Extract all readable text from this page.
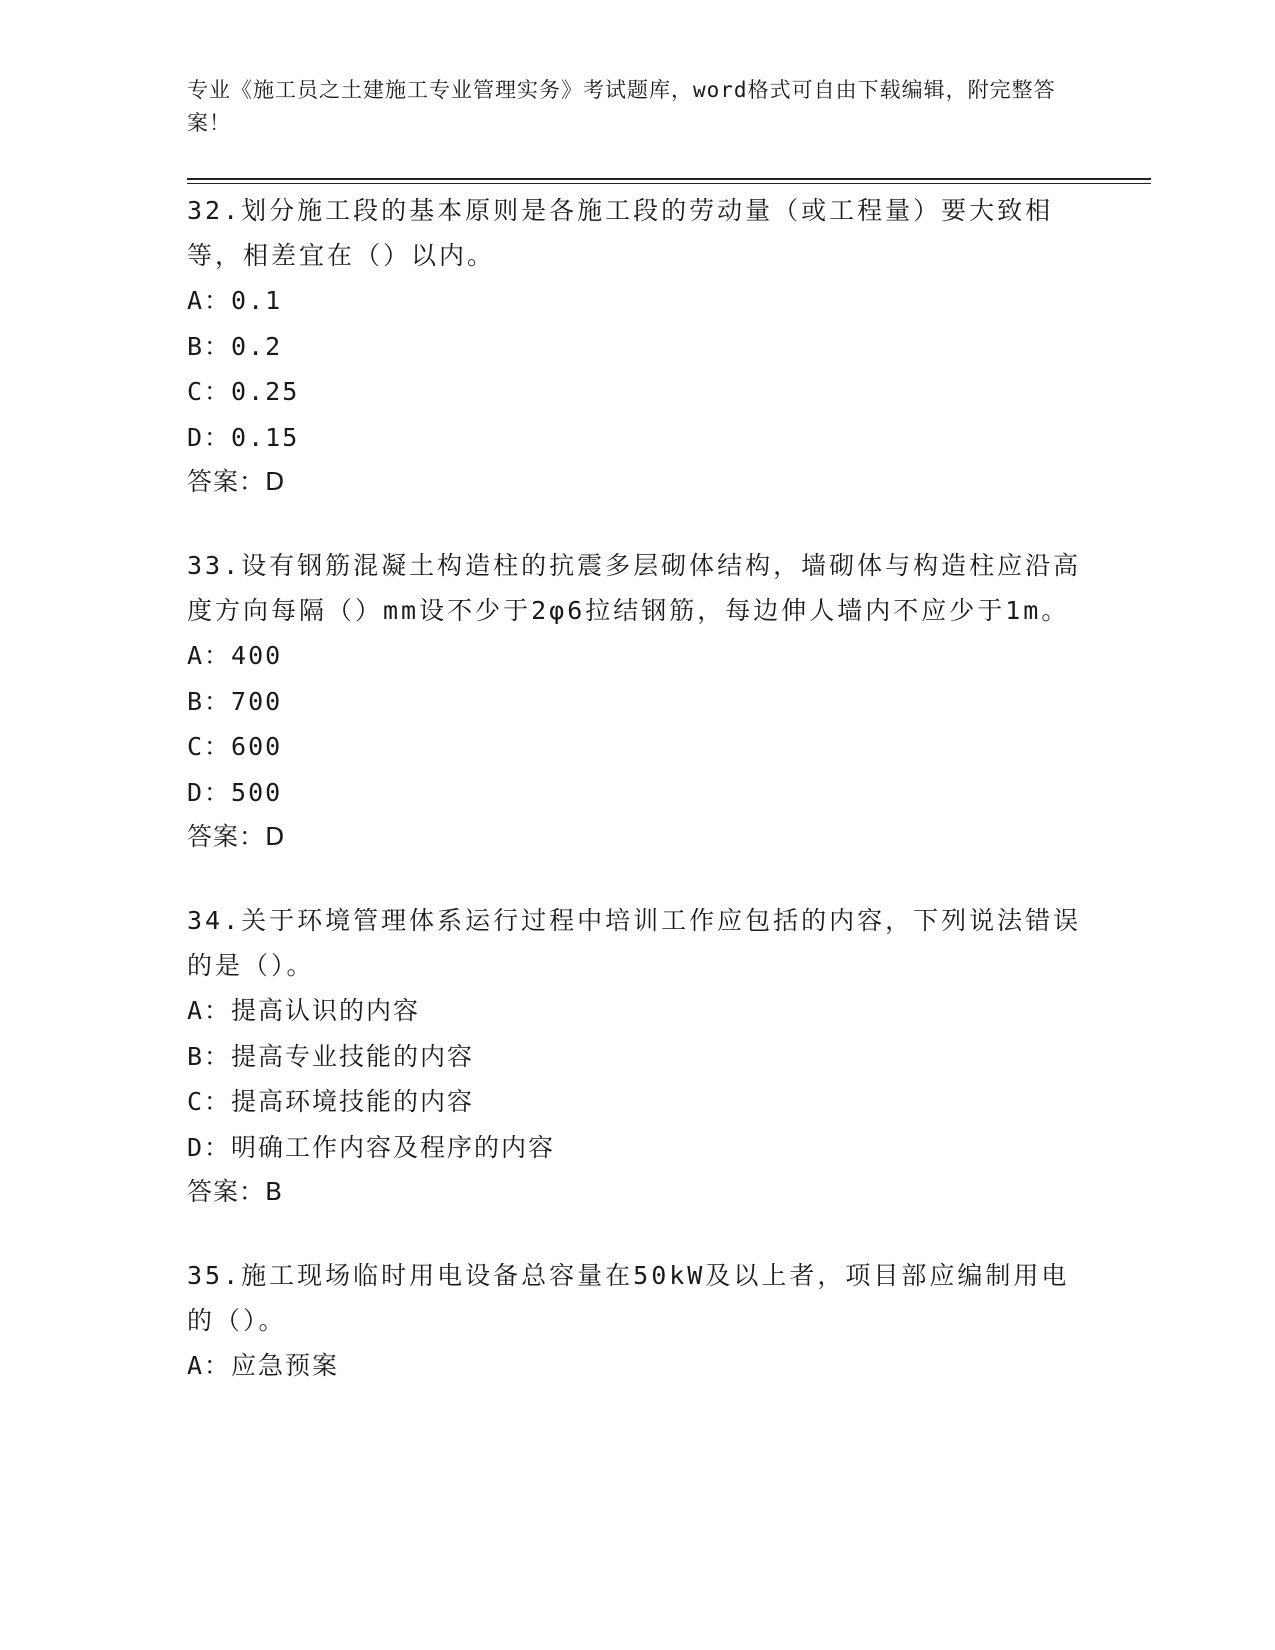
专业《施工员之土建施工专业管理实务》考试题库，word格式可自由下载编辑，附完整答案！
32.划分施工段的基本原则是各施工段的劳动量（或工程量）要大致相等，相差宜在（）以内。
A：0.1
B：0.2
C：0.25
D：0.15
答案：D
33.设有钢筋混凝土构造柱的抗震多层砌体结构，墙砌体与构造柱应沿高度方向每隔（）mm设不少于2φ6拉结钢筋，每边伸人墙内不应少于1m。
A：400
B：700
C：600
D：500
答案：D
34.关于环境管理体系运行过程中培训工作应包括的内容，下列说法错误的是（）。
A：提高认识的内容
B：提高专业技能的内容
C：提高环境技能的内容
D：明确工作内容及程序的内容
答案：B
35.施工现场临时用电设备总容量在50kW及以上者，项目部应编制用电的（）。
A：应急预案
